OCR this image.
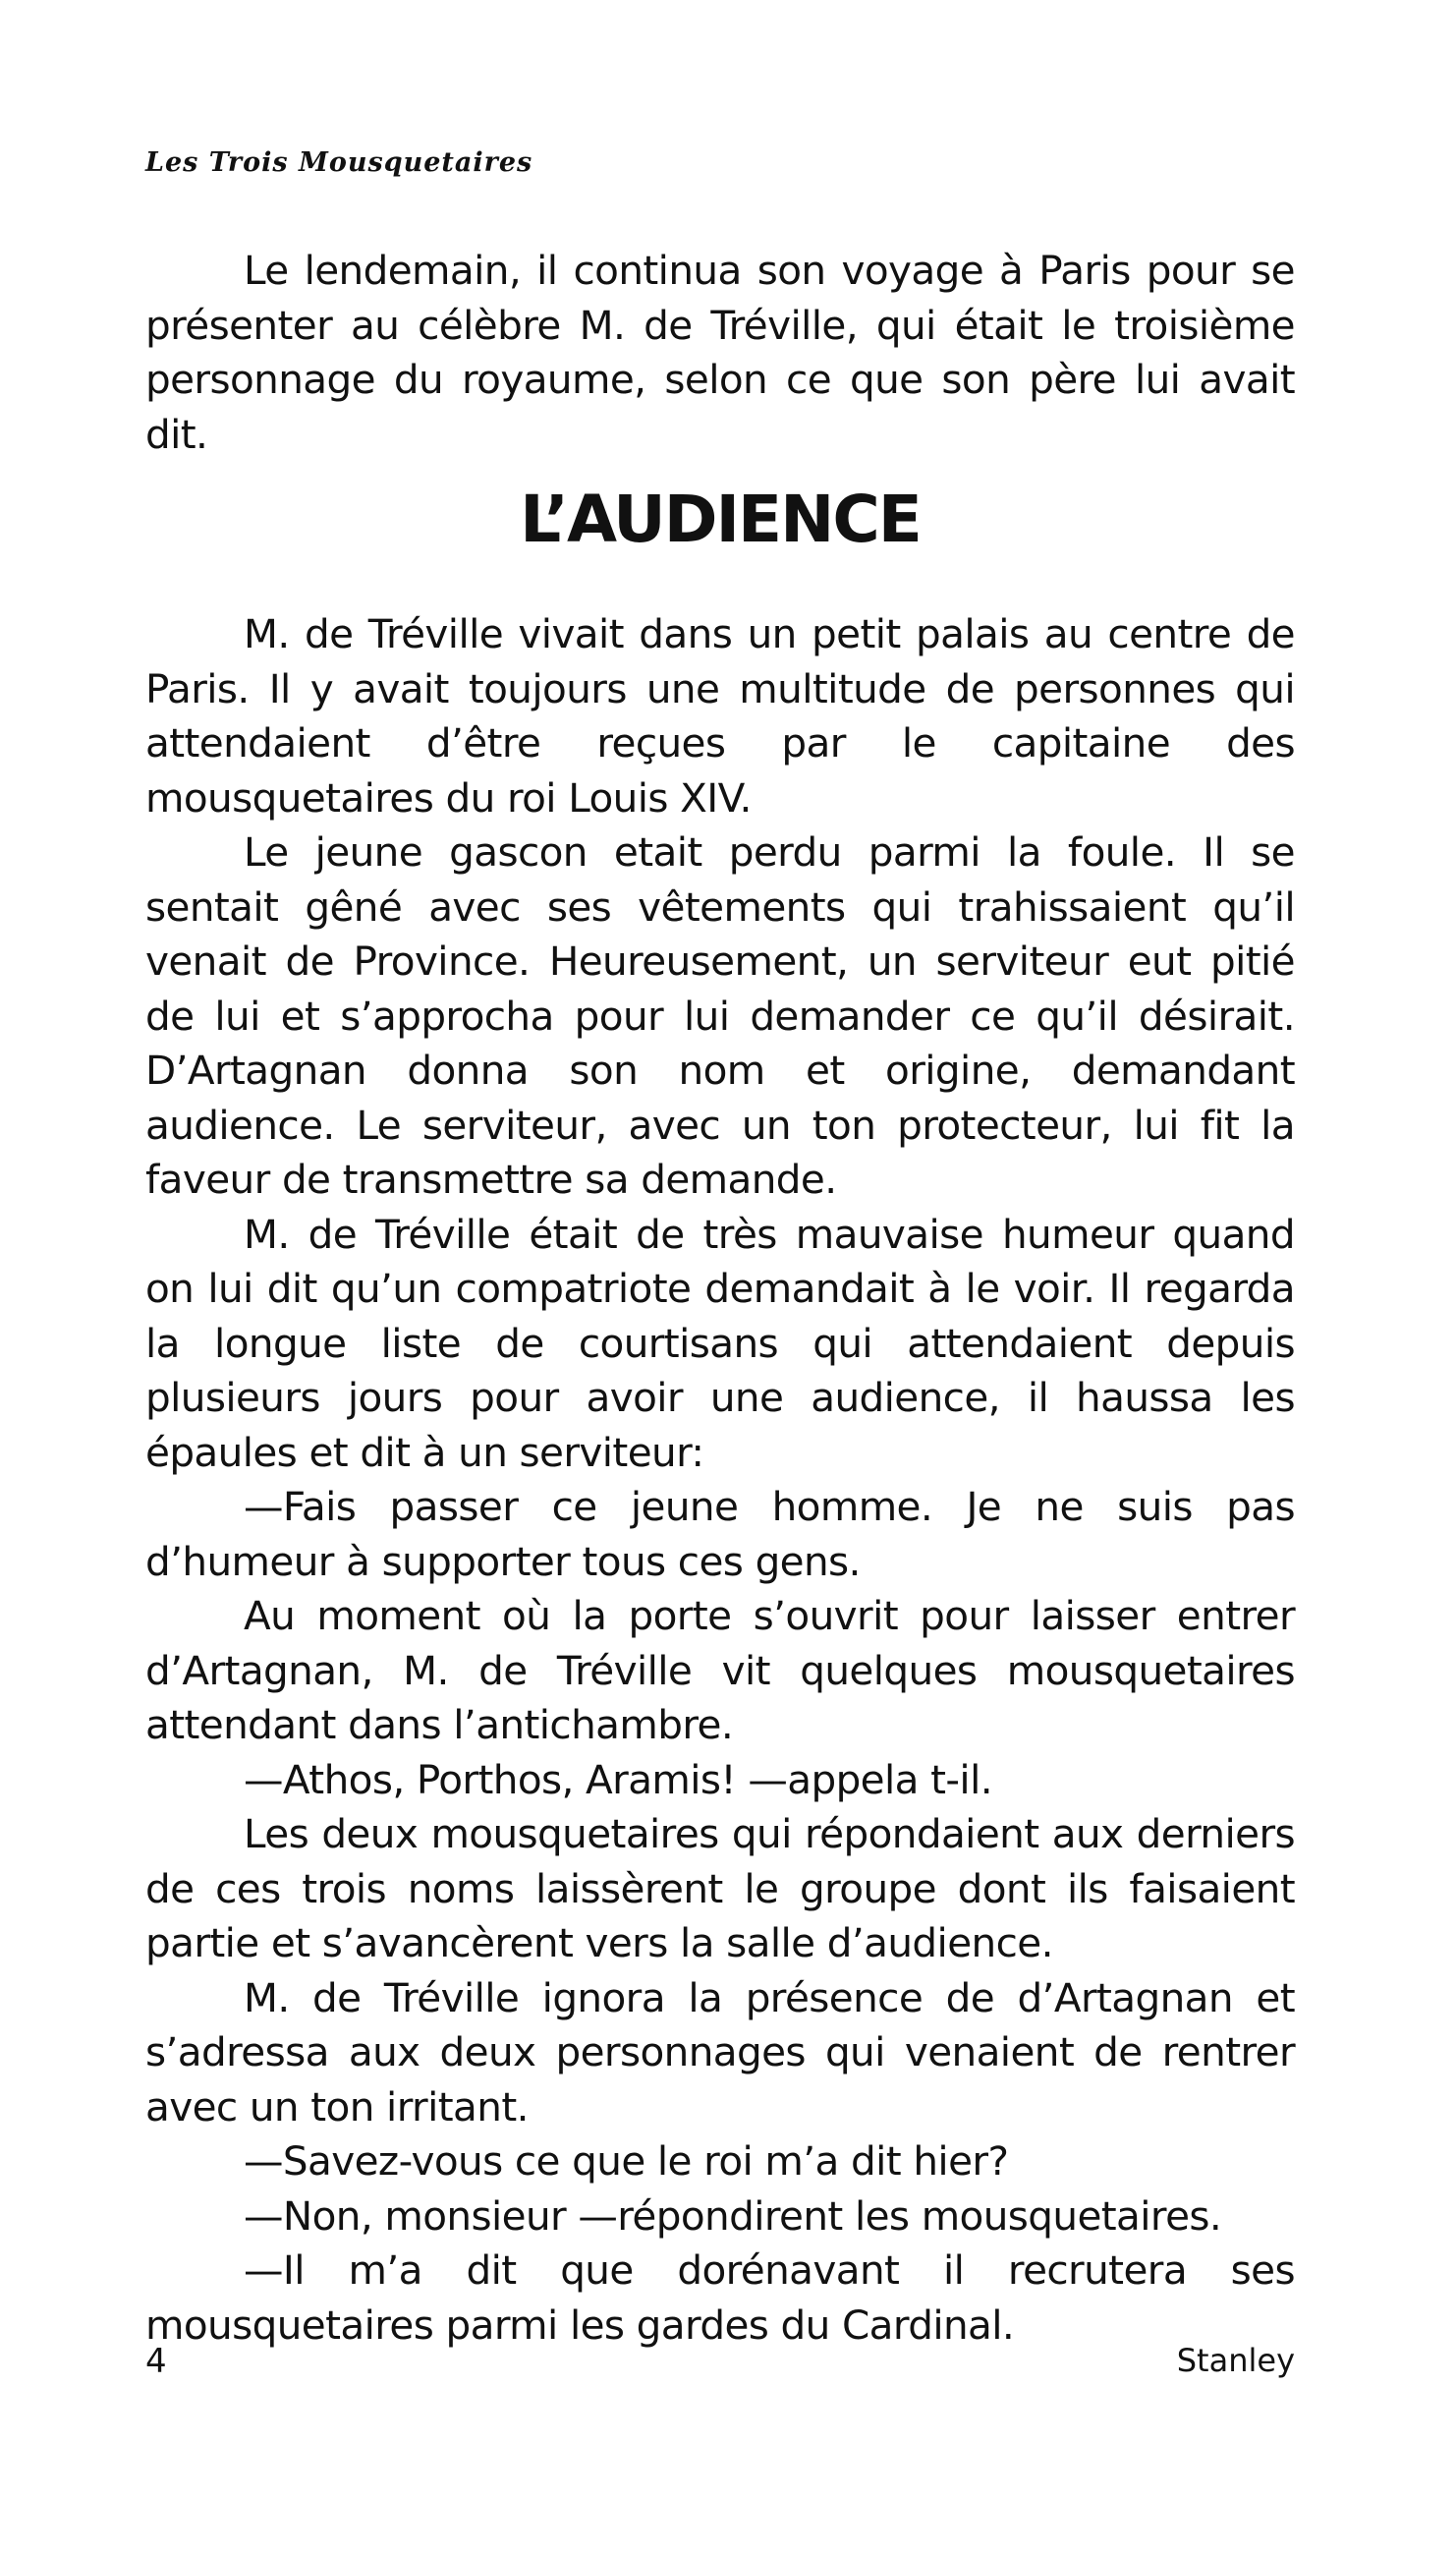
Les Trois Mousquetaires

Le lendemain, il continua son voyage à Paris pour se présenter au célèbre M. de Tréville, qui était le troisième personnage du royaume, selon ce que son père lui avait dit.

L’AUDIENCE

M. de Tréville vivait dans un petit palais au centre de Paris. Il y avait toujours une multitude de personnes qui attendaient d’être reçues par le capitaine des mousquetaires du roi Louis XIV.

Le jeune gascon etait perdu parmi la foule. Il se sentait gêné avec ses vêtements qui trahissaient qu’il venait de Province. Heureusement, un serviteur eut pitié de lui et s’approcha pour lui demander ce qu’il désirait. D’Artagnan donna son nom et origine, demandant audience. Le serviteur, avec un ton protecteur, lui fit la faveur de transmettre sa demande.

M. de Tréville était de très mauvaise humeur quand on lui dit qu’un compatriote demandait à le voir. Il regarda la longue liste de courtisans qui attendaient depuis plusieurs jours pour avoir une audience, il haussa les épaules et dit à un serviteur:

—Fais passer ce jeune homme. Je ne suis pas d’humeur à supporter tous ces gens.

Au moment où la porte s’ouvrit pour laisser entrer d’Artagnan, M. de Tréville vit quelques mousquetaires attendant dans l’antichambre.

—Athos, Porthos, Aramis! —appela t-il.

Les deux mousquetaires qui répondaient aux derniers de ces trois noms laissèrent le groupe dont ils faisaient partie et s’avancèrent vers la salle d’audience.

M. de Tréville ignora la présence de d’Artagnan et s’adressa aux deux personnages qui venaient de rentrer avec un ton irritant.

—Savez-vous ce que le roi m’a dit hier?

—Non, monsieur —répondirent les mousquetaires.

—Il m’a dit que dorénavant il recrutera ses mousquetaires parmi les gardes du Cardinal.

4	Stanley
